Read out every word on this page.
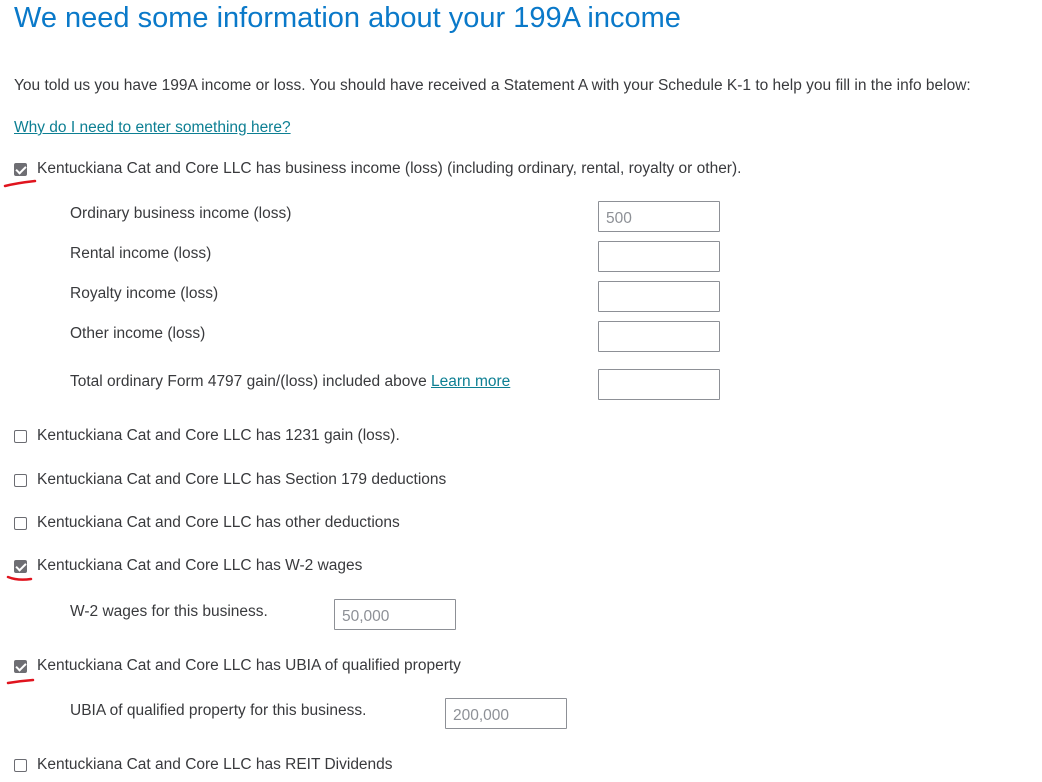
We need some information about your 199A income
You told us you have 199A income or loss. You should have received a Statement A with your Schedule K-1 to help you fill in the info below:
Why do I need to enter something here?
Kentuckiana Cat and Core LLC has business income (loss) (including ordinary, rental, royalty or other).
Ordinary business income (loss)
500
Rental income (loss)
Royalty income (loss)
Other income (loss)
Total ordinary Form 4797 gain/(loss) included above Learn more
Kentuckiana Cat and Core LLC has 1231 gain (loss).
Kentuckiana Cat and Core LLC has Section 179 deductions
Kentuckiana Cat and Core LLC has other deductions
Kentuckiana Cat and Core LLC has W-2 wages
W-2 wages for this business.
50,000
Kentuckiana Cat and Core LLC has UBIA of qualified property
UBIA of qualified property for this business.
200,000
Kentuckiana Cat and Core LLC has REIT Dividends
